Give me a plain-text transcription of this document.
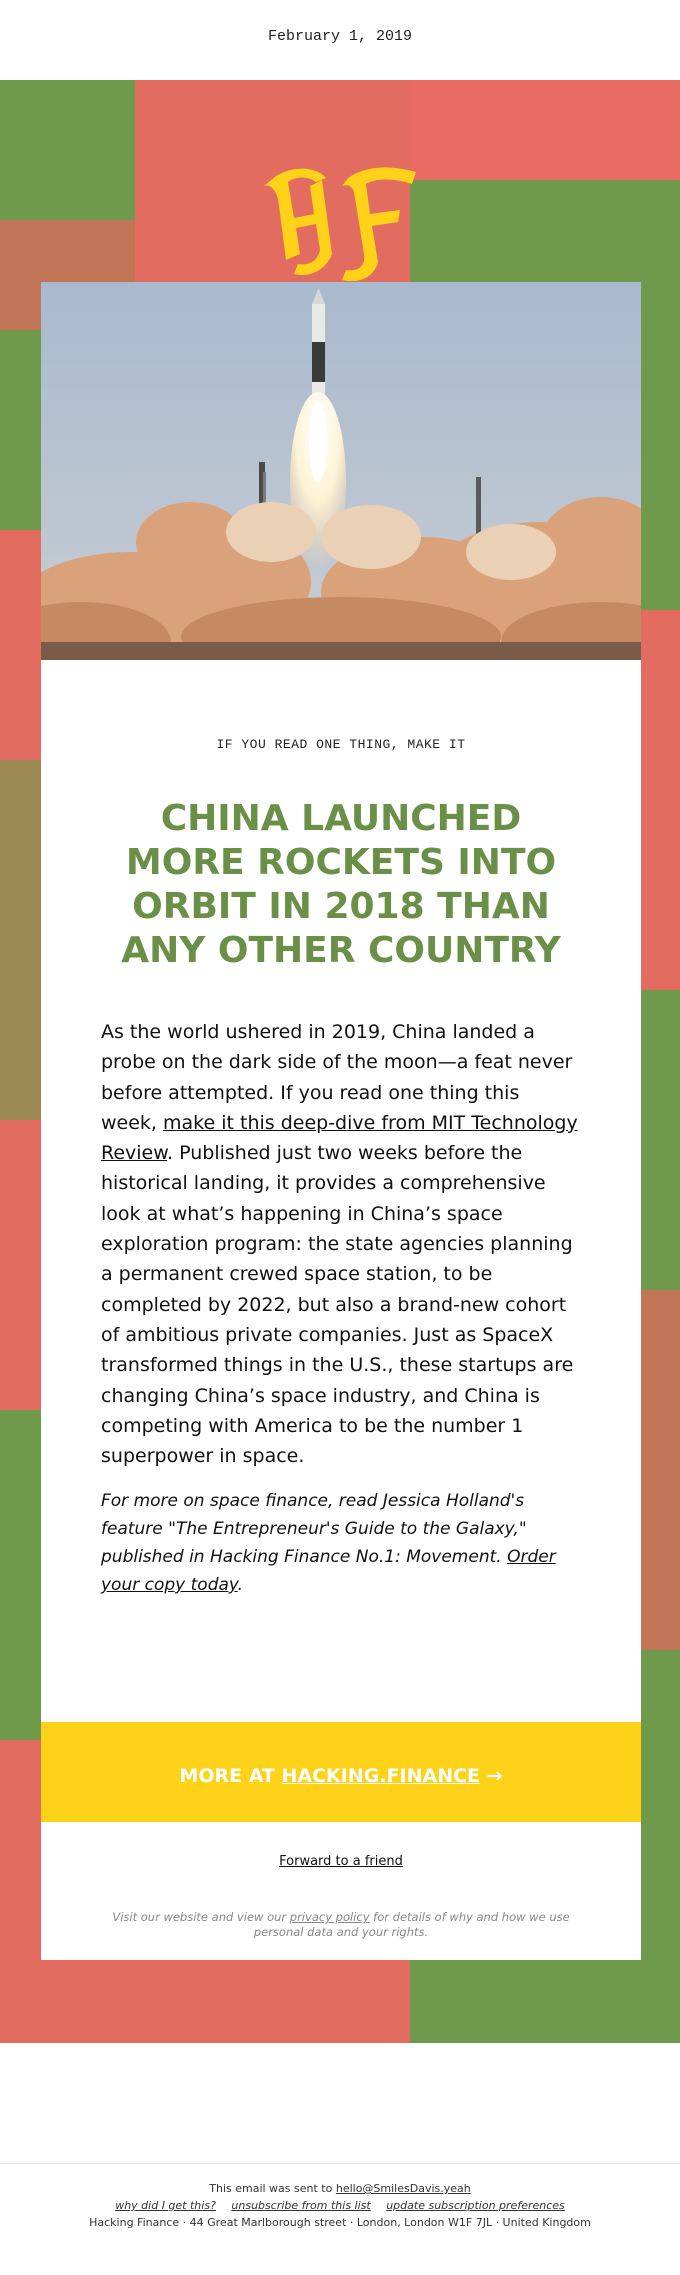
February 1, 2019
IF YOU READ ONE THING, MAKE IT
CHINA LAUNCHED MORE ROCKETS INTO ORBIT IN 2018 THAN ANY OTHER COUNTRY

As the world ushered in 2019, China landed a probe on the dark side of the moon—a feat never before attempted. If you read one thing this week, make it this deep-dive from MIT Technology Review. Published just two weeks before the historical landing, it provides a comprehensive look at what’s happening in China’s space exploration program: the state agencies planning a permanent crewed space station, to be completed by 2022, but also a brand-new cohort of ambitious private companies. Just as SpaceX transformed things in the U.S., these startups are changing China’s space industry, and China is competing with America to be the number 1 superpower in space.

For more on space finance, read Jessica Holland's feature "The Entrepreneur's Guide to the Galaxy," published in Hacking Finance No.1: Movement. Order your copy today.

MORE AT HACKING.FINANCE →
Forward to a friend
Visit our website and view our privacy policy for details of why and how we use personal data and your rights.
This email was sent to hello@SmilesDavis.yeah
why did I get this? unsubscribe from this list update subscription preferences
Hacking Finance · 44 Great Marlborough street · London, London W1F 7JL · United Kingdom
